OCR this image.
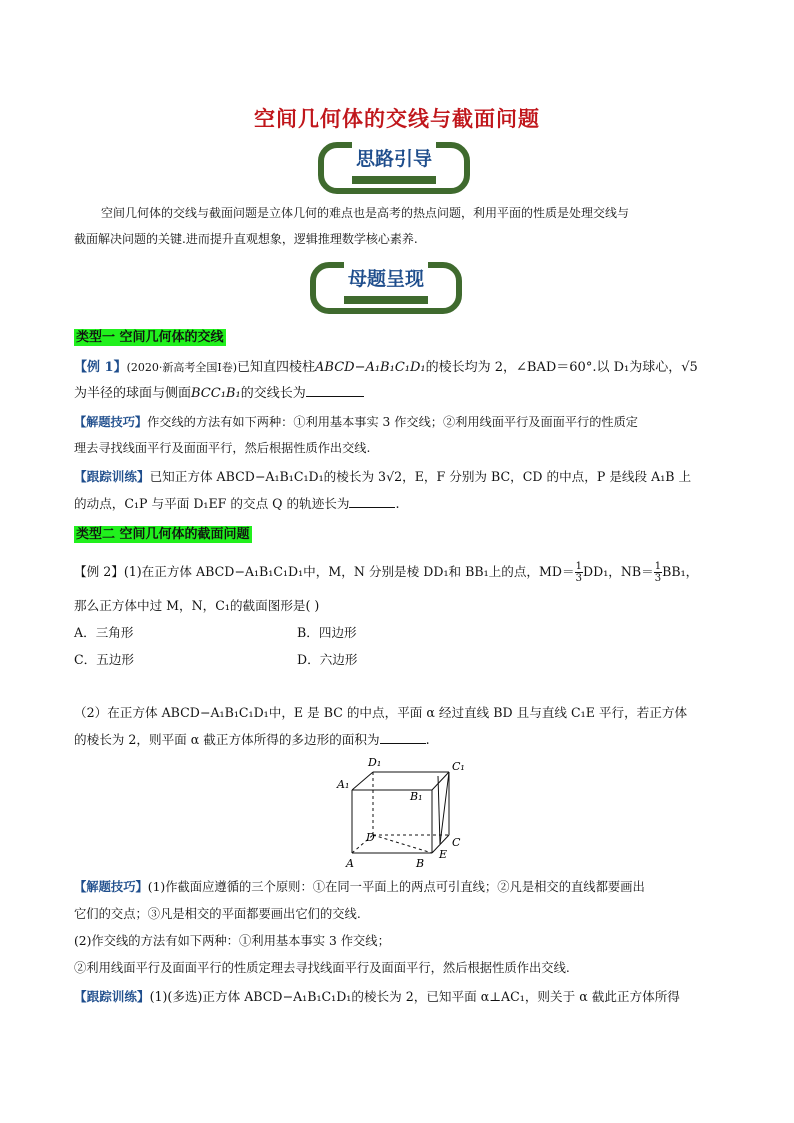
空间几何体的交线与截面问题
思路引导
空间几何体的交线与截面问题是立体几何的难点也是高考的热点问题，利用平面的性质是处理交线与
截面解决问题的关键.进而提升直观想象，逻辑推理数学核心素养.
母题呈现
类型一 空间几何体的交线
【例 1】(2020·新高考全国Ⅰ卷)已知直四棱柱ABCD−A₁B₁C₁D₁的棱长均为 2，∠BAD＝60°.以 D₁为球心，√5
为半径的球面与侧面BCC₁B₁的交线长为
【解题技巧】作交线的方法有如下两种：①利用基本事实 3 作交线；②利用线面平行及面面平行的性质定
理去寻找线面平行及面面平行，然后根据性质作出交线.
【跟踪训练】已知正方体 ABCD−A₁B₁C₁D₁的棱长为 3√2，E，F 分别为 BC，CD 的中点，P 是线段 A₁B 上
的动点，C₁P 与平面 D₁EF 的交点 Q 的轨迹长为	.
类型二 空间几何体的截面问题
【例 2】(1)在正方体 ABCD−A₁B₁C₁D₁中，M，N 分别是棱 DD₁和 BB₁上的点，$MD= \frac{1}{3} DD_1$，$NB= \frac{1}{3} BB_1$，
那么正方体中过 M，N，C₁的截面图形是( )
A．三角形	B．四边形
C．五边形	D．六边形
（2）在正方体 ABCD−A₁B₁C₁D₁中，E 是 BC 的中点，平面 α 经过直线 BD 且与直线 C₁E 平行，若正方体
的棱长为 2，则平面 α 截正方体所得的多边形的面积为	.
D₁	C₁
A₁
B₁
D	C
E
A	B
【解题技巧】(1)作截面应遵循的三个原则：①在同一平面上的两点可引直线；②凡是相交的直线都要画出
它们的交点；③凡是相交的平面都要画出它们的交线.
(2)作交线的方法有如下两种：①利用基本事实 3 作交线；
②利用线面平行及面面平行的性质定理去寻找线面平行及面面平行，然后根据性质作出交线.
【跟踪训练】(1)(多选)正方体 ABCD−A₁B₁C₁D₁的棱长为 2，已知平面 α⊥AC₁，则关于 α 截此正方体所得
